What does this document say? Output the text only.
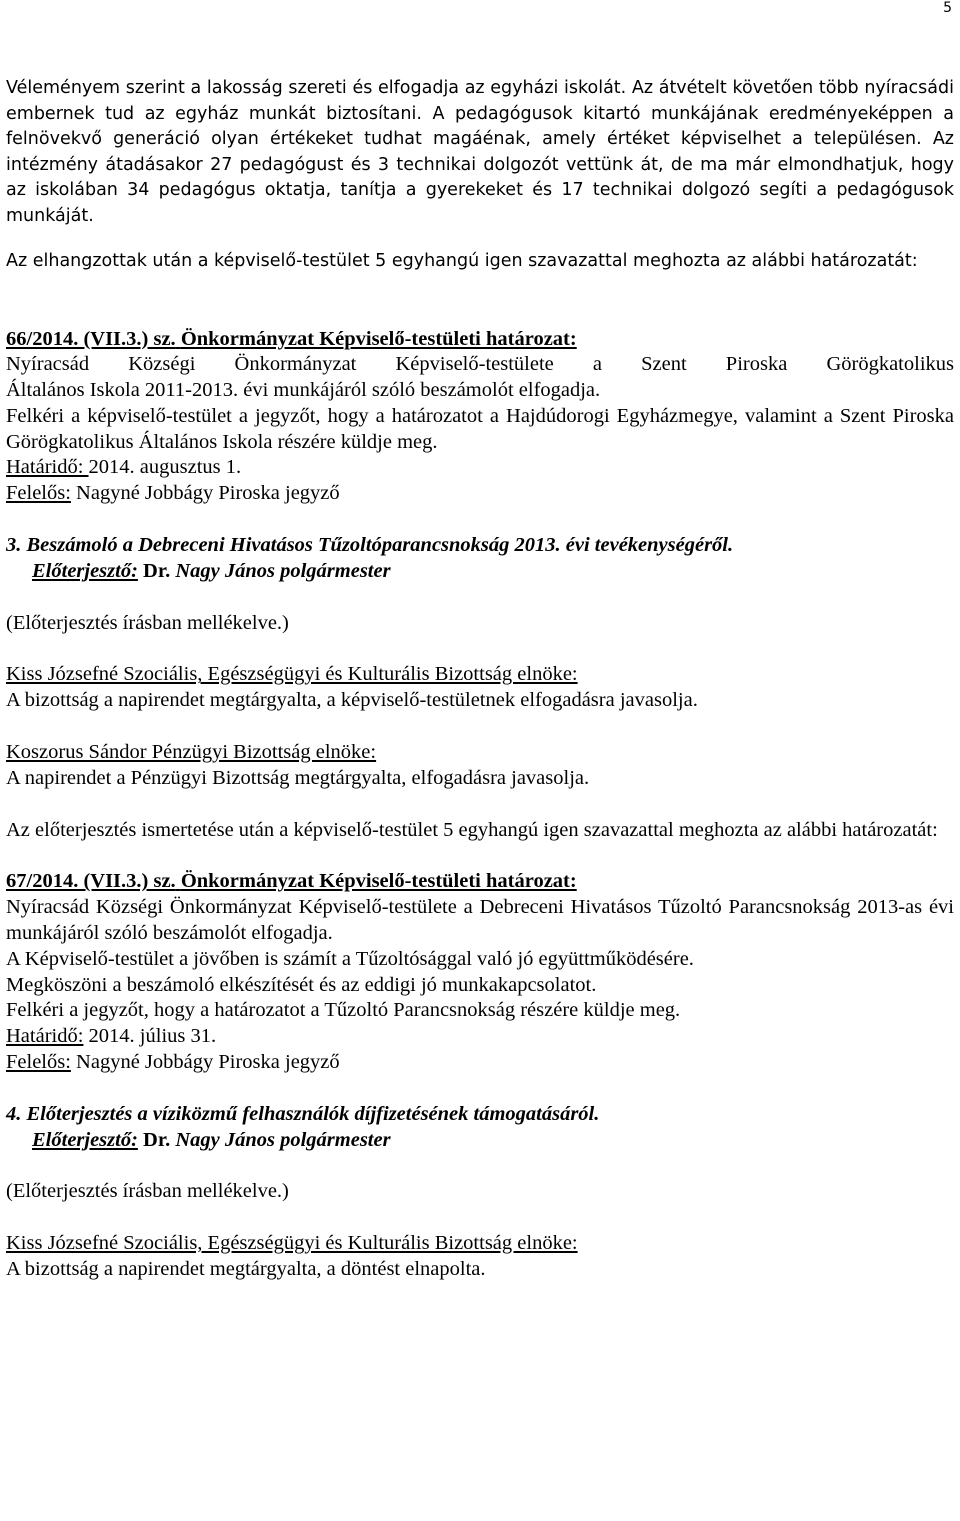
5

Véleményem szerint a lakosság szereti és elfogadja az egyházi iskolát. Az átvételt követően több nyíracsádi embernek tud az egyház munkát biztosítani. A pedagógusok kitartó munkájának eredményeképpen a felnövekvő generáció olyan értékeket tudhat magáénak, amely értéket képviselhet a településen. Az intézmény átadásakor 27 pedagógust és 3 technikai dolgozót vettünk át, de ma már elmondhatjuk, hogy az iskolában 34 pedagógus oktatja, tanítja a gyerekeket és 17 technikai dolgozó segíti a pedagógusok munkáját.

Az elhangzottak után a képviselő-testület 5 egyhangú igen szavazattal meghozta az alábbi határozatát:

66/2014. (VII.3.) sz. Önkormányzat Képviselő-testületi határozat:

Nyíracsád Községi Önkormányzat Képviselő-testülete a Szent Piroska Görögkatolikus

Általános Iskola 2011-2013. évi munkájáról szóló beszámolót elfogadja.

Felkéri a képviselő-testület a jegyzőt, hogy a határozatot a Hajdúdorogi Egyházmegye, valamint a Szent Piroska Görögkatolikus Általános Iskola részére küldje meg.

Határidő: 2014. augusztus 1.

Felelős: Nagyné Jobbágy Piroska jegyző

3. Beszámoló a Debreceni Hivatásos Tűzoltóparancsnokság 2013. évi tevékenységéről.

Előterjesztő: Dr. Nagy János polgármester

(Előterjesztés írásban mellékelve.)

Kiss Józsefné Szociális, Egészségügyi és Kulturális Bizottság elnöke:

A bizottság a napirendet megtárgyalta, a képviselő-testületnek elfogadásra javasolja.

Koszorus Sándor Pénzügyi Bizottság elnöke:

A napirendet a Pénzügyi Bizottság megtárgyalta, elfogadásra javasolja.

Az előterjesztés ismertetése után a képviselő-testület 5 egyhangú igen szavazattal meghozta az alábbi határozatát:

67/2014. (VII.3.) sz. Önkormányzat Képviselő-testületi határozat:

Nyíracsád Községi Önkormányzat Képviselő-testülete a Debreceni Hivatásos Tűzoltó Parancsnokság 2013-as évi munkájáról szóló beszámolót elfogadja.

A Képviselő-testület a jövőben is számít a Tűzoltósággal való jó együttműködésére.

Megköszöni a beszámoló elkészítését és az eddigi jó munkakapcsolatot.

Felkéri a jegyzőt, hogy a határozatot a Tűzoltó Parancsnokság részére küldje meg.

Határidő: 2014. július 31.

Felelős: Nagyné Jobbágy Piroska jegyző

4. Előterjesztés a víziközmű felhasználók díjfizetésének támogatásáról.

Előterjesztő: Dr. Nagy János polgármester

(Előterjesztés írásban mellékelve.)

Kiss Józsefné Szociális, Egészségügyi és Kulturális Bizottság elnöke:

A bizottság a napirendet megtárgyalta, a döntést elnapolta.
